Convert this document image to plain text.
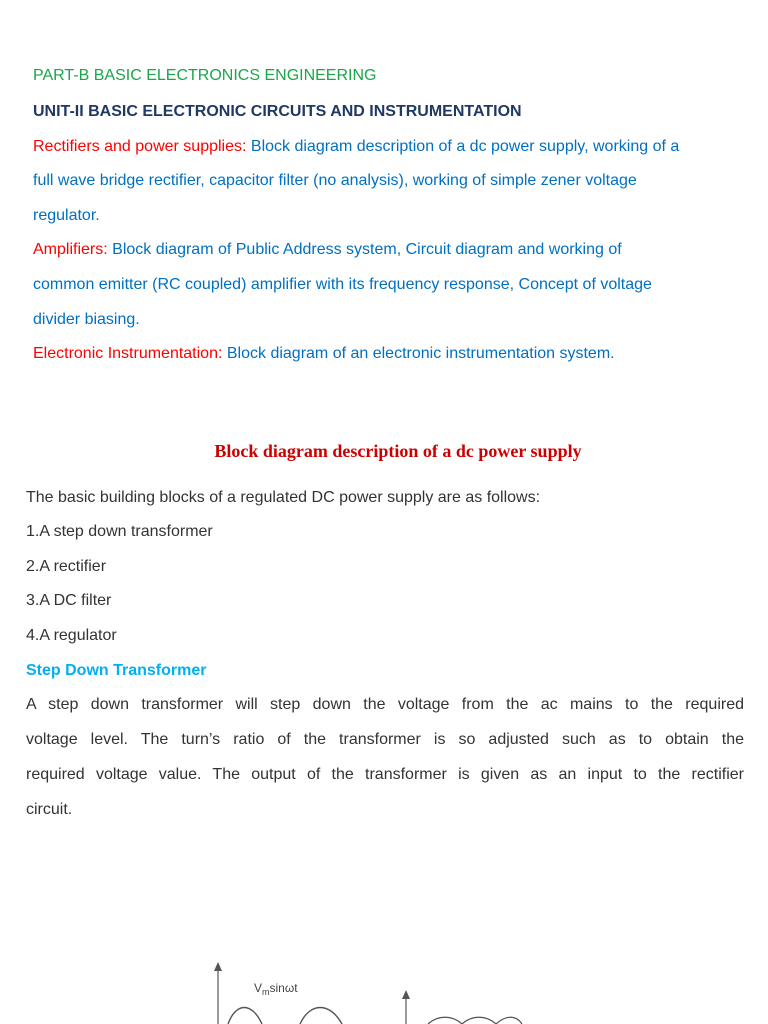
PART-B BASIC ELECTRONICS ENGINEERING
UNIT-II BASIC ELECTRONIC CIRCUITS AND INSTRUMENTATION
Rectifiers and power supplies: Block diagram description of a dc power supply, working of a
full wave bridge rectifier, capacitor filter (no analysis), working of simple zener voltage
regulator.
Amplifiers: Block diagram of Public Address system, Circuit diagram and working of
common emitter (RC coupled) amplifier with its frequency response, Concept of voltage
divider biasing.
Electronic Instrumentation: Block diagram of an electronic instrumentation system.
Block diagram description of a dc power supply
The basic building blocks of a regulated DC power supply are as follows:
1.A step down transformer
2.A rectifier
3.A DC filter
4.A regulator
Step Down Transformer
A step down transformer will step down the voltage from the ac mains to the required
voltage level. The turn’s ratio of the transformer is so adjusted such as to obtain the
required voltage value. The output of the transformer is given as an input to the rectifier
circuit.
$V_m\sin\omega t$
